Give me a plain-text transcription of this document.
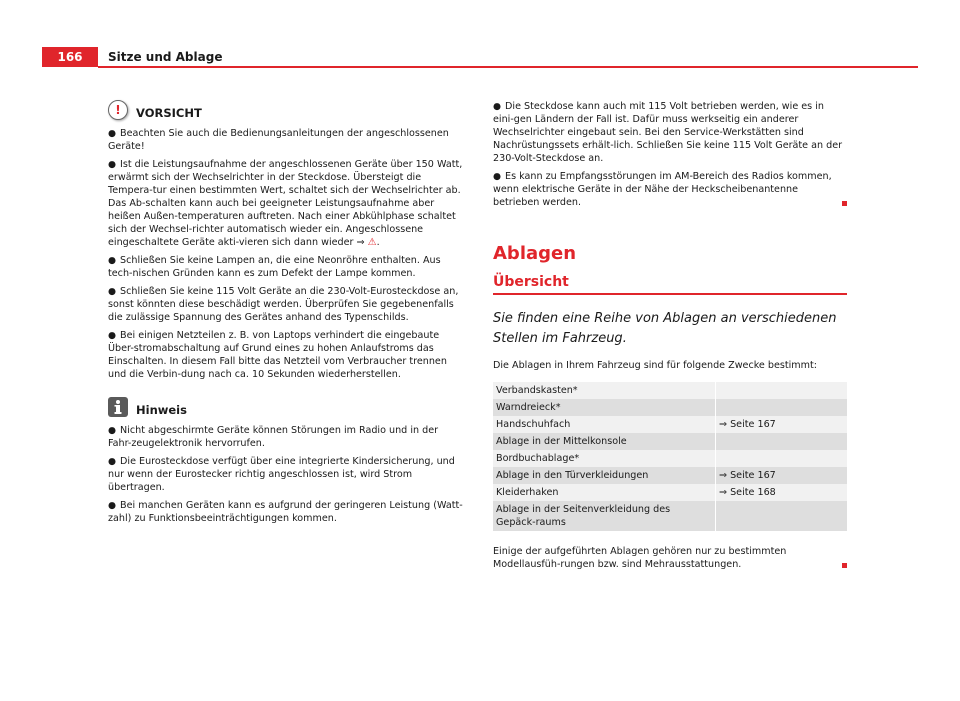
166	Sitze und Ablage
!	VORSICHT

● Beachten Sie auch die Bedienungsanleitungen der angeschlossenen Geräte!

● Ist die Leistungsaufnahme der angeschlossenen Geräte über 150 Watt, erwärmt sich der Wechselrichter in der Steckdose. Übersteigt die Tempera-tur einen bestimmten Wert, schaltet sich der Wechselrichter ab. Das Ab-schalten kann auch bei geeigneter Leistungsaufnahme aber heißen Außen-temperaturen auftreten. Nach einer Abkühlphase schaltet sich der Wechsel-richter automatisch wieder ein. Angeschlossene eingeschaltete Geräte akti-vieren sich dann wieder ⇒ ⚠.

● Schließen Sie keine Lampen an, die eine Neonröhre enthalten. Aus tech-nischen Gründen kann es zum Defekt der Lampe kommen.

● Schließen Sie keine 115 Volt Geräte an die 230-Volt-Eurosteckdose an, sonst könnten diese beschädigt werden. Überprüfen Sie gegebenenfalls die zulässige Spannung des Gerätes anhand des Typenschilds.

● Bei einigen Netzteilen z. B. von Laptops verhindert die eingebaute Über-stromabschaltung auf Grund eines zu hohen Anlaufstroms das Einschalten. In diesem Fall bitte das Netzteil vom Verbraucher trennen und die Verbin-dung nach ca. 10 Sekunden wiederherstellen.

Hinweis

● Nicht abgeschirmte Geräte können Störungen im Radio und in der Fahr-zeugelektronik hervorrufen.

● Die Eurosteckdose verfügt über eine integrierte Kindersicherung, und nur wenn der Eurostecker richtig angeschlossen ist, wird Strom übertragen.

● Bei manchen Geräten kann es aufgrund der geringeren Leistung (Watt-zahl) zu Funktionsbeeinträchtigungen kommen.

● Die Steckdose kann auch mit 115 Volt betrieben werden, wie es in eini-gen Ländern der Fall ist. Dafür muss werkseitig ein anderer Wechselrichter eingebaut sein. Bei den Service-Werkstätten sind Nachrüstungssets erhält-lich. Schließen Sie keine 115 Volt Geräte an der 230-Volt-Steckdose an.

● Es kann zu Empfangsstörungen im AM-Bereich des Radios kommen, wenn elektrische Geräte in der Nähe der Heckscheibenantenne betrieben werden.

Ablagen
Übersicht

Sie finden eine Reihe von Ablagen an verschiedenen Stellen im Fahrzeug.

Die Ablagen in Ihrem Fahrzeug sind für folgende Zwecke bestimmt:

Verbandskasten*
Warndreieck*
Handschuhfach	⇒ Seite 167
Ablage in der Mittelkonsole
Bordbuchablage*
Ablage in den Türverkleidungen	⇒ Seite 167
Kleiderhaken	⇒ Seite 168
Ablage in der Seitenverkleidung des Gepäck-raums

Einige der aufgeführten Ablagen gehören nur zu bestimmten Modellausfüh-rungen bzw. sind Mehrausstattungen.
